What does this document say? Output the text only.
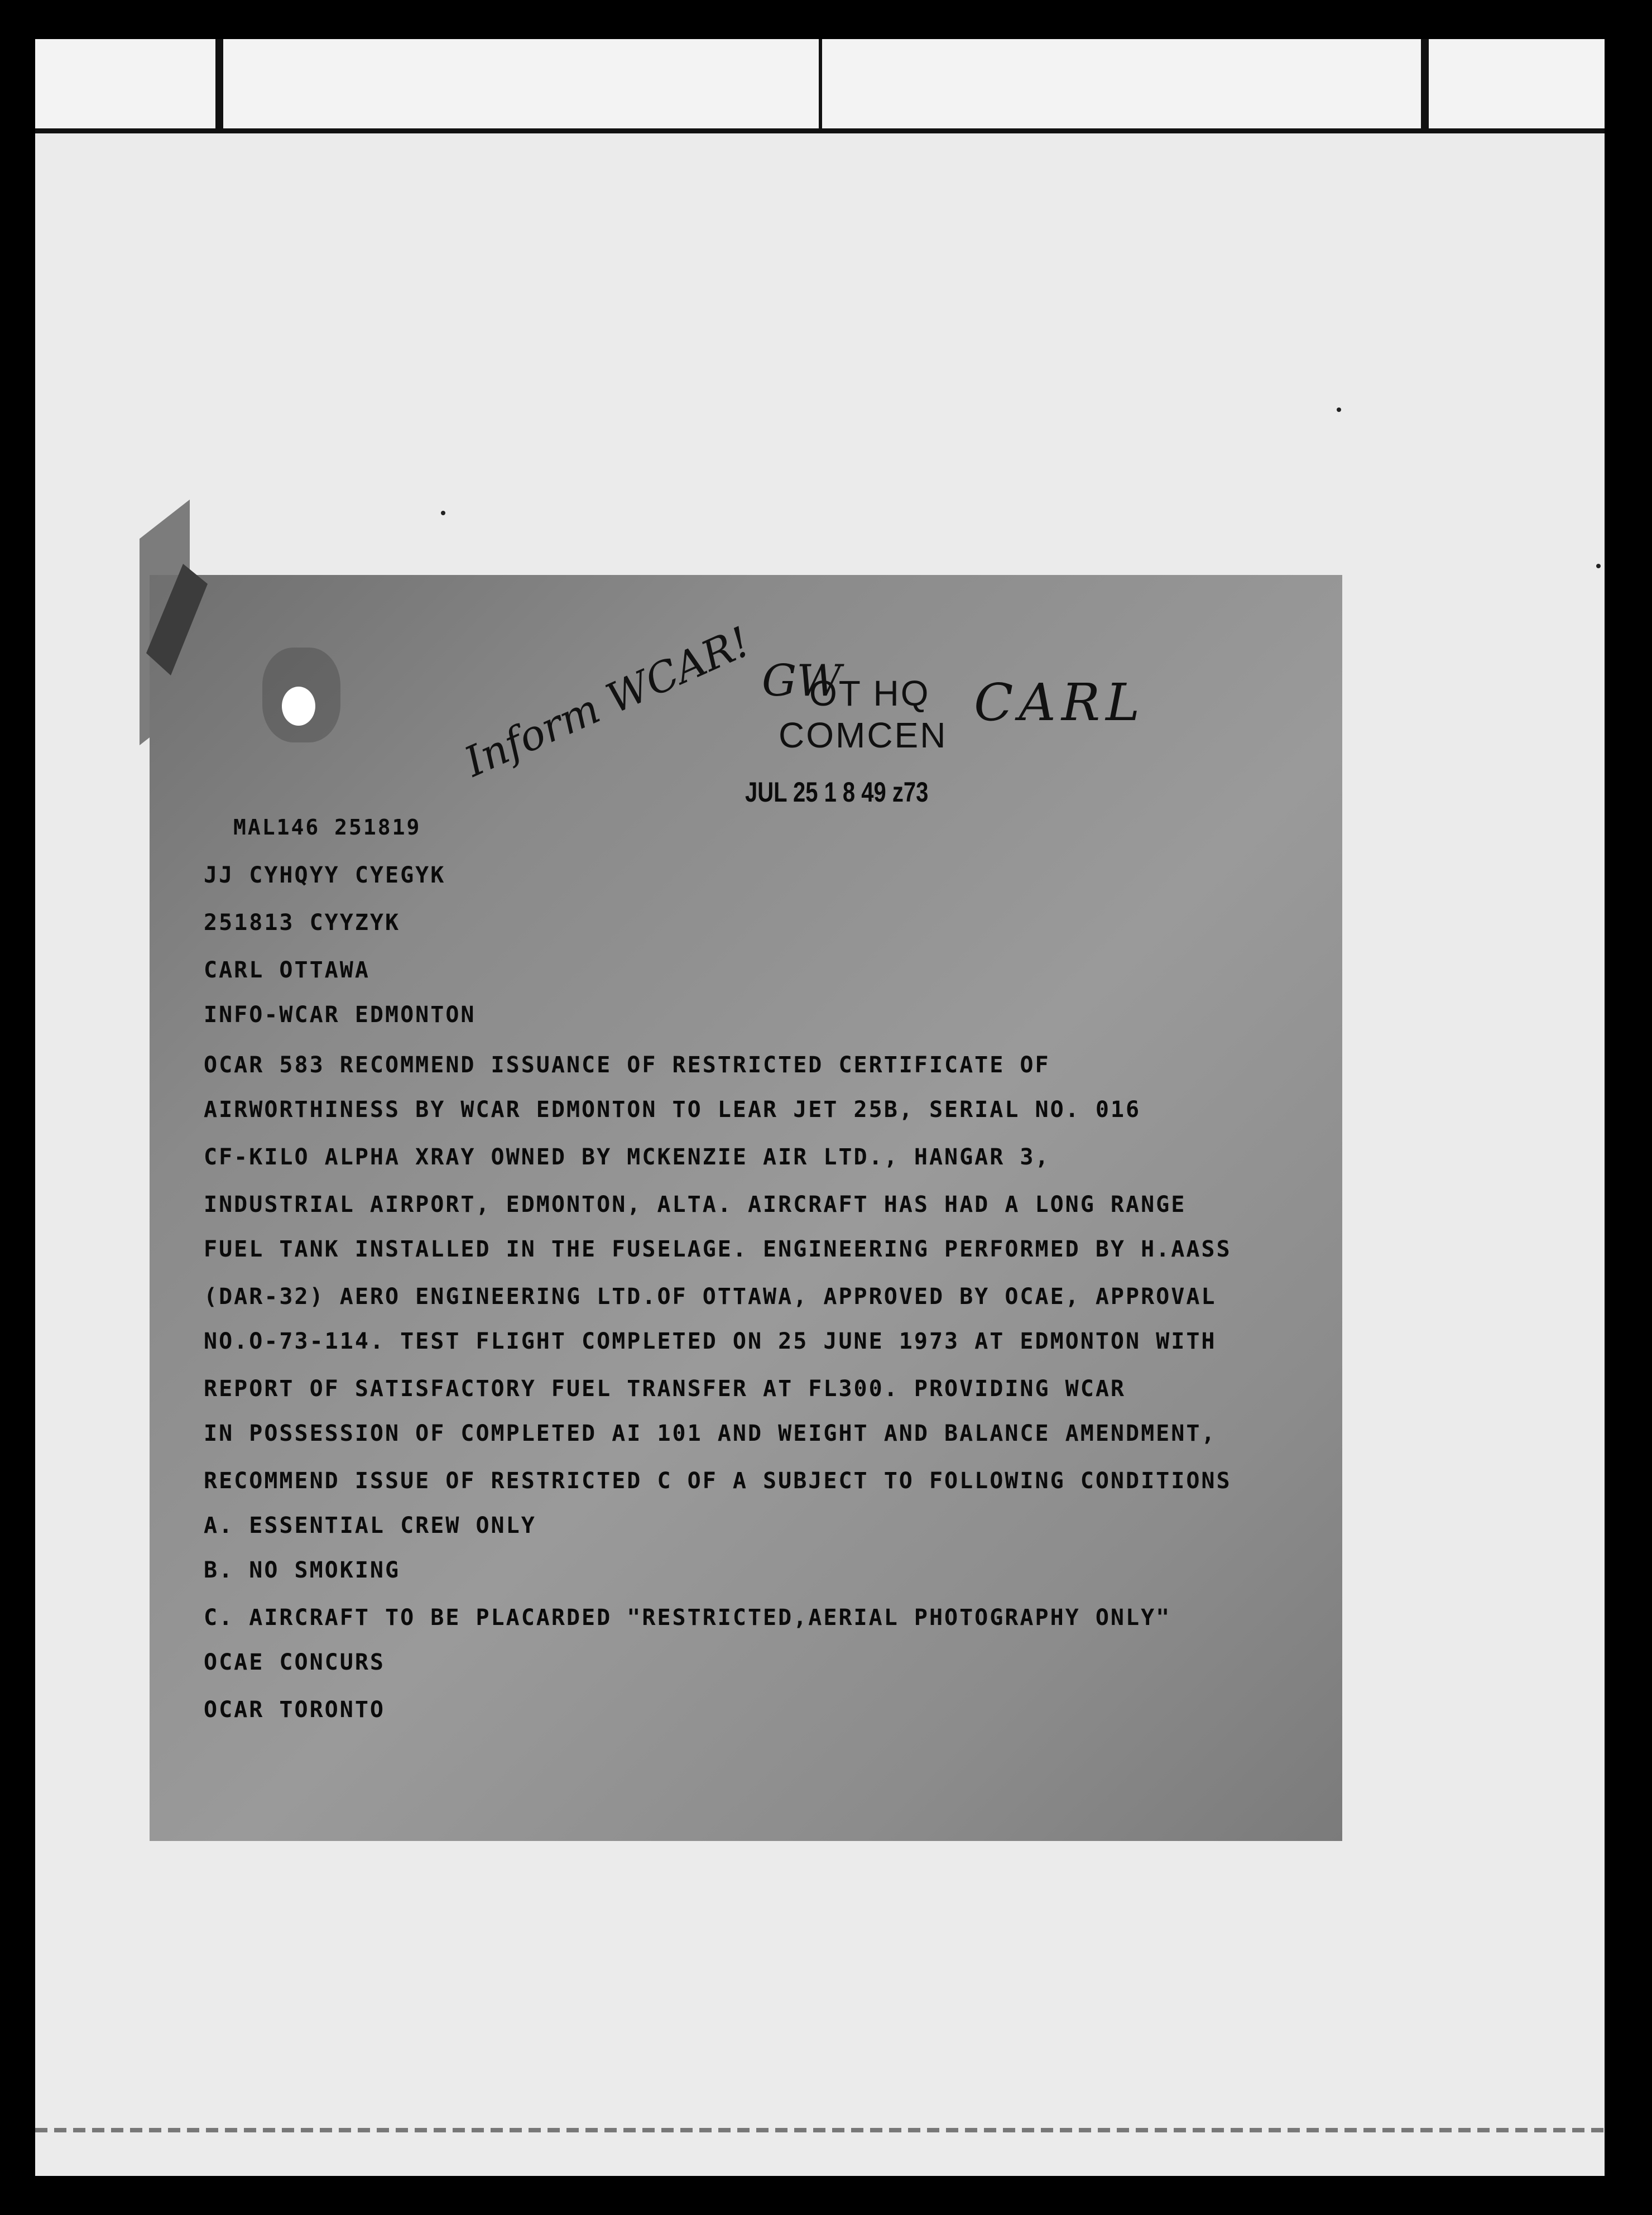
OT HQ
COMCEN
JUL 25 1 8 49 z73
CARL
GW
Inform WCAR!
MAL146 251819
JJ CYHQYY CYEGYK
251813 CYYZYK
CARL OTTAWA
INFO-WCAR EDMONTON
OCAR 583 RECOMMEND ISSUANCE OF RESTRICTED CERTIFICATE OF
AIRWORTHINESS BY WCAR EDMONTON TO LEAR JET 25B, SERIAL NO. 016
CF-KILO ALPHA XRAY OWNED BY MCKENZIE AIR LTD., HANGAR 3,
INDUSTRIAL AIRPORT, EDMONTON, ALTA. AIRCRAFT HAS HAD A LONG RANGE
FUEL TANK INSTALLED IN THE FUSELAGE. ENGINEERING PERFORMED BY H.AASS
(DAR-32) AERO ENGINEERING LTD.OF OTTAWA, APPROVED BY OCAE, APPROVAL
NO.O-73-114. TEST FLIGHT COMPLETED ON 25 JUNE 1973 AT EDMONTON WITH
REPORT OF SATISFACTORY FUEL TRANSFER AT FL300. PROVIDING WCAR
IN POSSESSION OF COMPLETED AI 101 AND WEIGHT AND BALANCE AMENDMENT,
RECOMMEND ISSUE OF RESTRICTED C OF A SUBJECT TO FOLLOWING CONDITIONS
A. ESSENTIAL CREW ONLY
B. NO SMOKING
C. AIRCRAFT TO BE PLACARDED "RESTRICTED,AERIAL PHOTOGRAPHY ONLY"
OCAE CONCURS
OCAR TORONTO
